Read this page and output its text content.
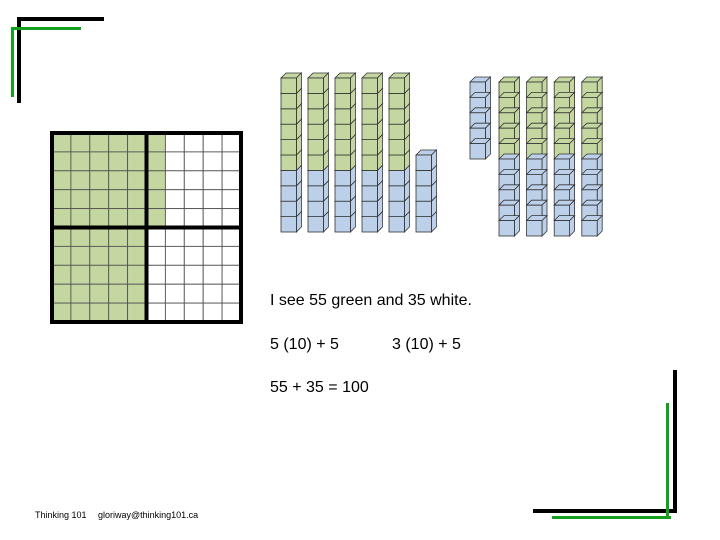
I see 55 green and 35 white.
5 (10) + 5	3 (10) + 5
55 + 35 = 100
Thinking 101 gloriway@thinking101.ca
